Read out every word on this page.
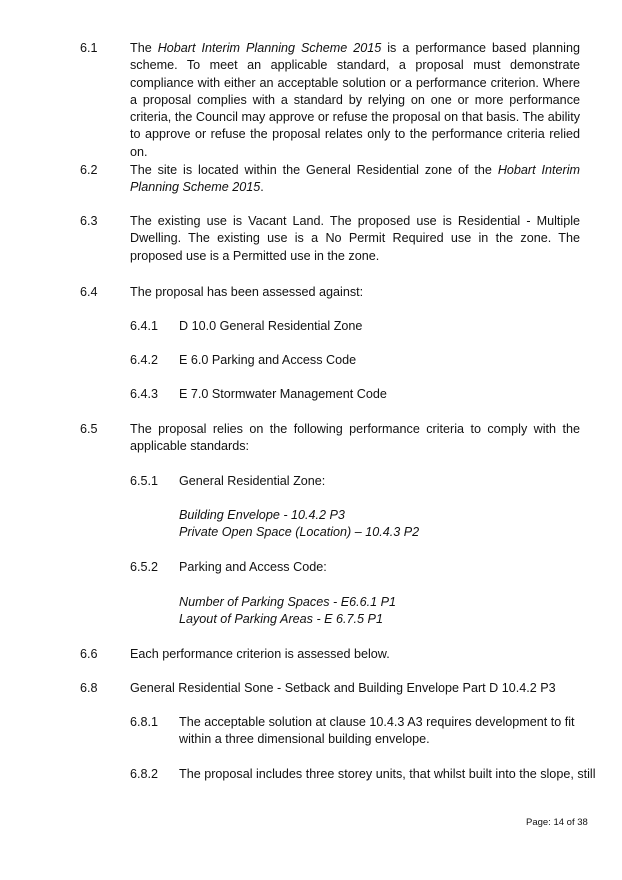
6.1	The Hobart Interim Planning Scheme 2015 is a performance based planning scheme. To meet an applicable standard, a proposal must demonstrate compliance with either an acceptable solution or a performance criterion. Where a proposal complies with a standard by relying on one or more performance criteria, the Council may approve or refuse the proposal on that basis. The ability to approve or refuse the proposal relates only to the performance criteria relied on.
6.2	The site is located within the General Residential zone of the Hobart Interim Planning Scheme 2015.
6.3	The existing use is Vacant Land. The proposed use is Residential - Multiple Dwelling. The existing use is a No Permit Required use in the zone. The proposed use is a Permitted use in the zone.
6.4	The proposal has been assessed against:
6.4.1	D 10.0 General Residential Zone
6.4.2	E 6.0 Parking and Access Code
6.4.3	E 7.0 Stormwater Management Code
6.5	The proposal relies on the following performance criteria to comply with the applicable standards:
6.5.1	General Residential Zone:
Building Envelope - 10.4.2 P3
Private Open Space (Location) – 10.4.3 P2
6.5.2	Parking and Access Code:
Number of Parking Spaces - E6.6.1 P1
Layout of Parking Areas - E 6.7.5 P1
6.6	Each performance criterion is assessed below.
6.8	General Residential Sone - Setback and Building Envelope Part D 10.4.2 P3
6.8.1	The acceptable solution at clause 10.4.3 A3 requires development to fit within a three dimensional building envelope.
6.8.2	The proposal includes three storey units, that whilst built into the slope, still
Page: 14 of 38
